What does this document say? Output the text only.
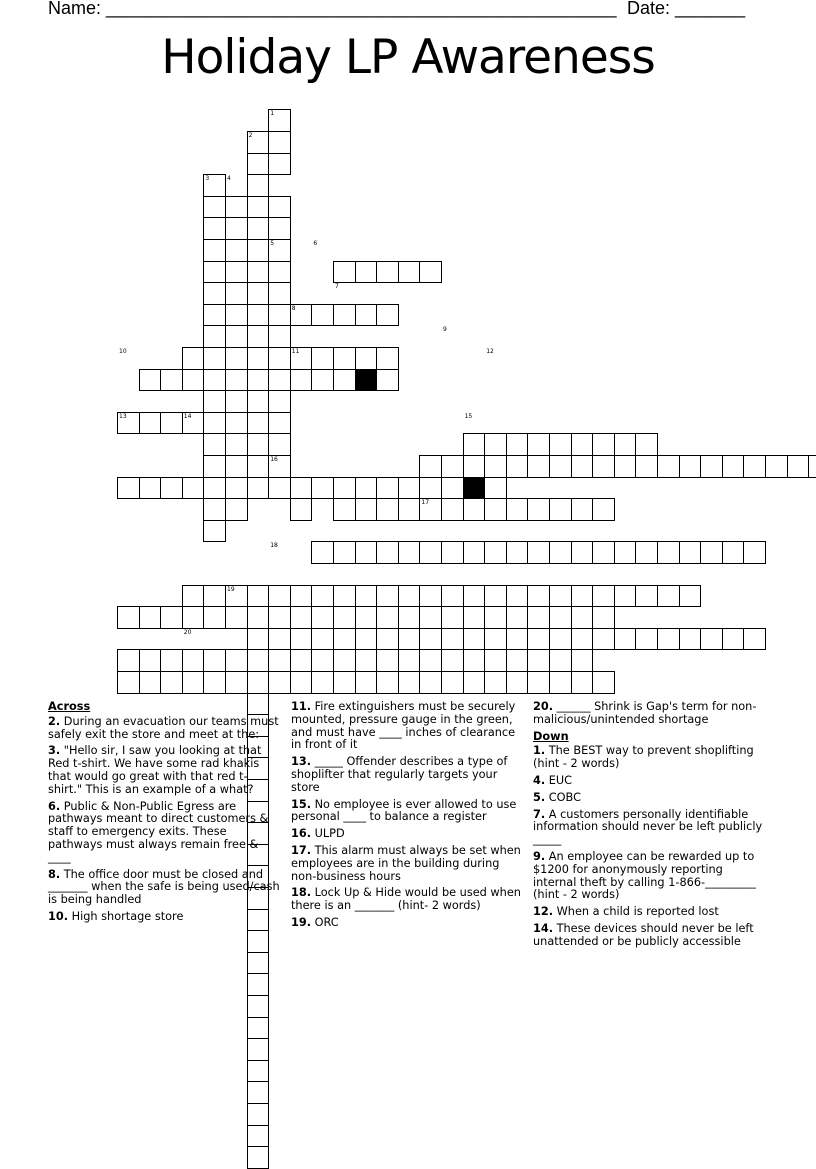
Name: ___________________________________________________ Date: _______
Holiday LP Awareness
1
2
3	4
5	6
7
8
9
10	11	12
13	14	15
16
17
18
19
20
Across
2. During an evacuation our teams must safely exit the store and meet at the:
3. "Hello sir, I saw you looking at that Red t-shirt. We have some rad khakis that would go great with that red t-shirt." This is an example of a what?
6. Public & Non-Public Egress are pathways meant to direct customers & staff to emergency exits. These pathways must always remain free & ____
8. The office door must be closed and _______ when the safe is being used/cash is being handled
10. High shortage store
11. Fire extinguishers must be securely mounted, pressure gauge in the green, and must have ____ inches of clearance in front of it
13. _____ Offender describes a type of shoplifter that regularly targets your store
15. No employee is ever allowed to use personal ____ to balance a register
16. ULPD
17. This alarm must always be set when employees are in the building during non-business hours
18. Lock Up & Hide would be used when there is an _______ (hint- 2 words)
19. ORC
20. ______ Shrink is Gap's term for non-malicious/unintended shortage
Down
1. The BEST way to prevent shoplifting (hint - 2 words)
4. EUC
5. COBC
7. A customers personally identifiable information should never be left publicly _____
9. An employee can be rewarded up to $1200 for anonymously reporting internal theft by calling 1-866-_________ (hint - 2 words)
12. When a child is reported lost
14. These devices should never be left unattended or be publicly accessible
